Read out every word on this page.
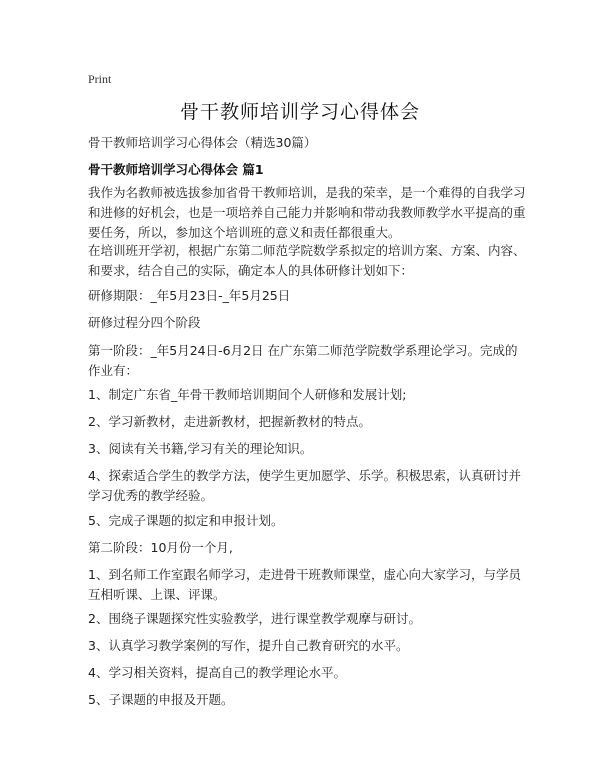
Print
骨干教师培训学习心得体会
骨干教师培训学习心得体会（精选30篇）
骨干教师培训学习心得体会 篇1

我作为名教师被选拔参加省骨干教师培训，是我的荣幸，是一个难得的自我学习和进修的好机会，也是一项培养自己能力并影响和带动我教师教学水平提高的重要任务，所以，参加这个培训班的意义和责任都很重大。

在培训班开学初，根据广东第二师范学院数学系拟定的培训方案、方案、内容、和要求，结合自己的实际，确定本人的具体研修计划如下：

研修期限：_年5月23日-_年5月25日

研修过程分四个阶段

第一阶段：_年5月24日-6月2日 在广东第二师范学院数学系理论学习。完成的作业有：

1、制定广东省_年骨干教师培训期间个人研修和发展计划;

2、学习新教材，走进新教材，把握新教材的特点。

3、阅读有关书籍,学习有关的理论知识。

4、探索适合学生的教学方法，使学生更加愿学、乐学。积极思索，认真研讨并学习优秀的教学经验。

5、完成子课题的拟定和申报计划。

第二阶段：10月份一个月,

1、到名师工作室跟名师学习，走进骨干班教师课堂，虚心向大家学习，与学员互相听课、上课、评课。

2、围绕子课题探究性实验教学，进行课堂教学观摩与研讨。

3、认真学习教学案例的写作，提升自己教育研究的水平。

4、学习相关资料，提高自己的教学理论水平。

5、子课题的申报及开题。
